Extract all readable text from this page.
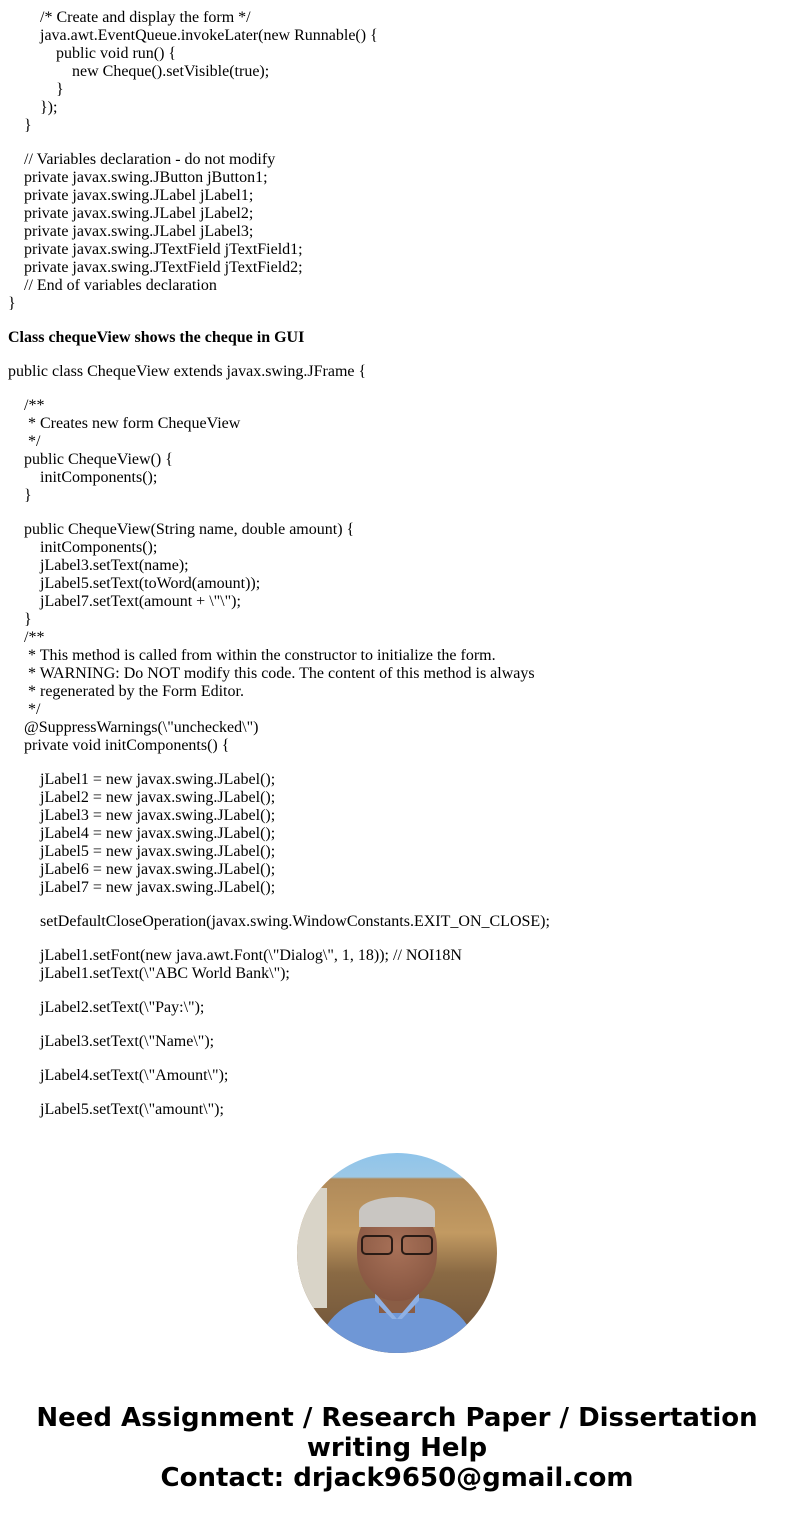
/* Create and display the form */
java.awt.EventQueue.invokeLater(new Runnable() {
public void run() {
new Cheque().setVisible(true);
}
});
}

// Variables declaration - do not modify
private javax.swing.JButton jButton1;
private javax.swing.JLabel jLabel1;
private javax.swing.JLabel jLabel2;
private javax.swing.JLabel jLabel3;
private javax.swing.JTextField jTextField1;
private javax.swing.JTextField jTextField2;
// End of variables declaration
}

Class chequeView shows the cheque in GUI

public class ChequeView extends javax.swing.JFrame {

/**
* Creates new form ChequeView
*/
public ChequeView() {
initComponents();
}

public ChequeView(String name, double amount) {
initComponents();
jLabel3.setText(name);
jLabel5.setText(toWord(amount));
jLabel7.setText(amount + \"\");
}
/**
* This method is called from within the constructor to initialize the form.
* WARNING: Do NOT modify this code. The content of this method is always
* regenerated by the Form Editor.
*/
@SuppressWarnings(\"unchecked\")
private void initComponents() {

jLabel1 = new javax.swing.JLabel();
jLabel2 = new javax.swing.JLabel();
jLabel3 = new javax.swing.JLabel();
jLabel4 = new javax.swing.JLabel();
jLabel5 = new javax.swing.JLabel();
jLabel6 = new javax.swing.JLabel();
jLabel7 = new javax.swing.JLabel();

setDefaultCloseOperation(javax.swing.WindowConstants.EXIT_ON_CLOSE);

jLabel1.setFont(new java.awt.Font(\"Dialog\", 1, 18)); // NOI18N
jLabel1.setText(\"ABC World Bank\");

jLabel2.setText(\"Pay:\");

jLabel3.setText(\"Name\");

jLabel4.setText(\"Amount\");

jLabel5.setText(\"amount\");

Need Assignment / Research Paper / Dissertation
writing Help
Contact: drjack9650@gmail.com
